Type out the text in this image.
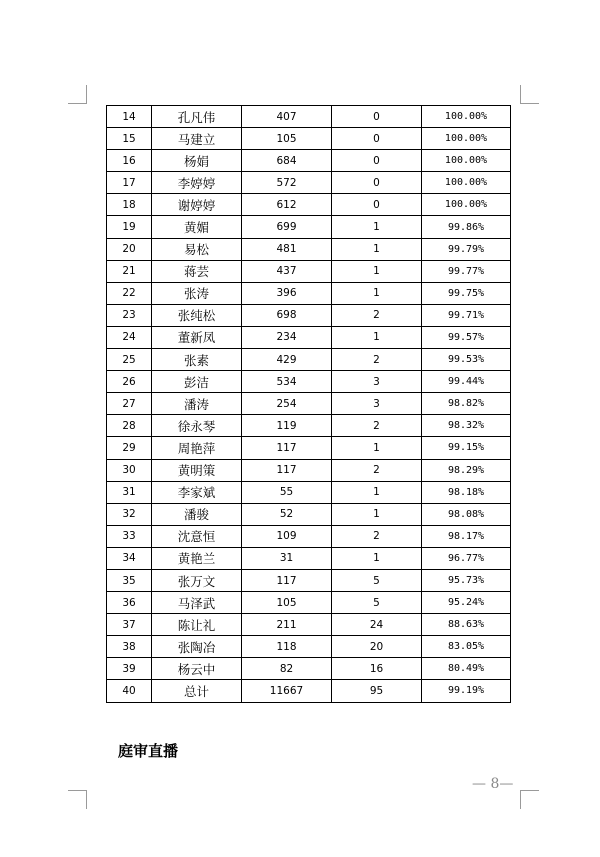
14	孔凡伟	407	0	100.00%
15	马建立	105	0	100.00%
16	杨娟	684	0	100.00%
17	李婷婷	572	0	100.00%
18	谢婷婷	612	0	100.00%
19	黄媚	699	1	99.86%
20	易松	481	1	99.79%
21	蒋芸	437	1	99.77%
22	张涛	396	1	99.75%
23	张纯松	698	2	99.71%
24	董新凤	234	1	99.57%
25	张素	429	2	99.53%
26	彭洁	534	3	99.44%
27	潘涛	254	3	98.82%
28	徐永琴	119	2	98.32%
29	周艳萍	117	1	99.15%
30	黄明策	117	2	98.29%
31	李家斌	55	1	98.18%
32	潘骏	52	1	98.08%
33	沈意恒	109	2	98.17%
34	黄艳兰	31	1	96.77%
35	张万文	117	5	95.73%
36	马泽武	105	5	95.24%
37	陈让礼	211	24	88.63%
38	张陶冶	118	20	83.05%
39	杨云中	82	16	80.49%
40	总计	11667	95	99.19%
庭审直播
— 8—
